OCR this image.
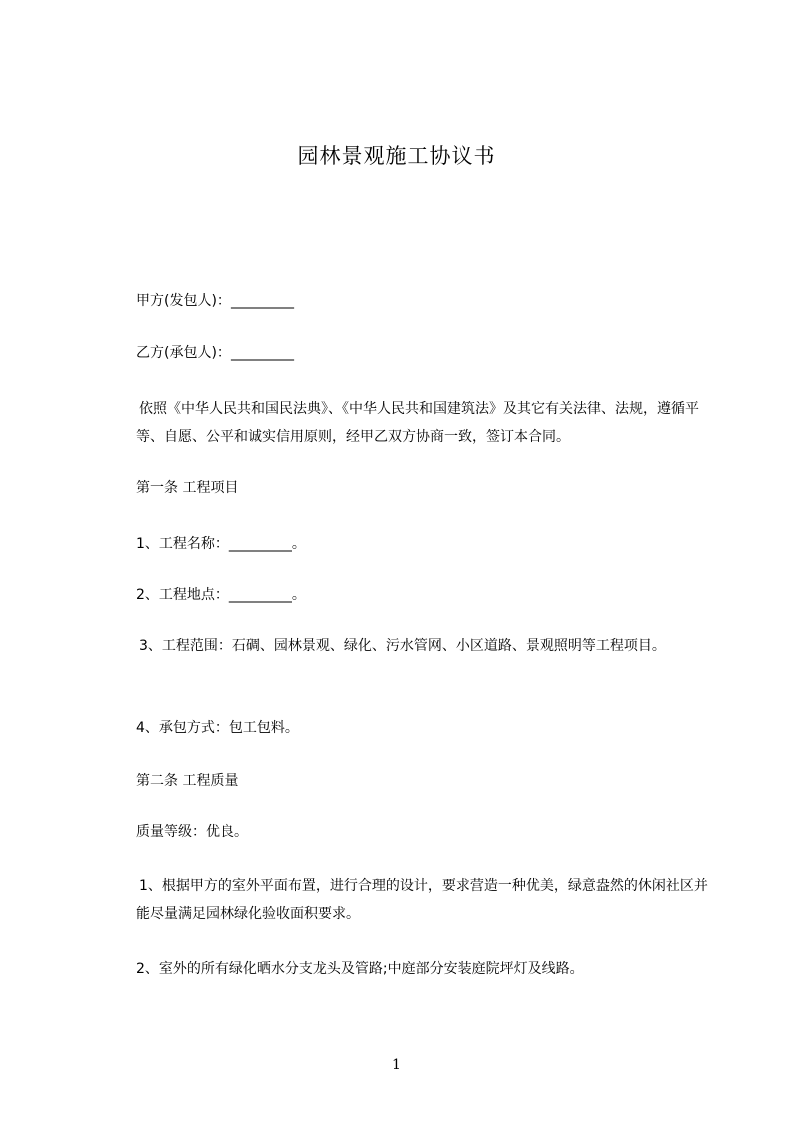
园林景观施工协议书
甲方(发包人)：_________
乙方(承包人)：_________
依照《中华人民共和国民法典》、《中华人民共和国建筑法》及其它有关法律、法规，遵循平等、自愿、公平和诚实信用原则，经甲乙双方协商一致，签订本合同。
第一条 工程项目
1、工程名称：_________。
2、工程地点：_________。
3、工程范围：石碉、园林景观、绿化、污水管网、小区道路、景观照明等工程项目。
4、承包方式：包工包料。
第二条 工程质量
质量等级：优良。
1、根据甲方的室外平面布置，进行合理的设计，要求营造一种优美，绿意盎然的休闲社区并能尽量满足园林绿化验收面积要求。
2、室外的所有绿化晒水分支龙头及管路;中庭部分安装庭院坪灯及线路。
1
